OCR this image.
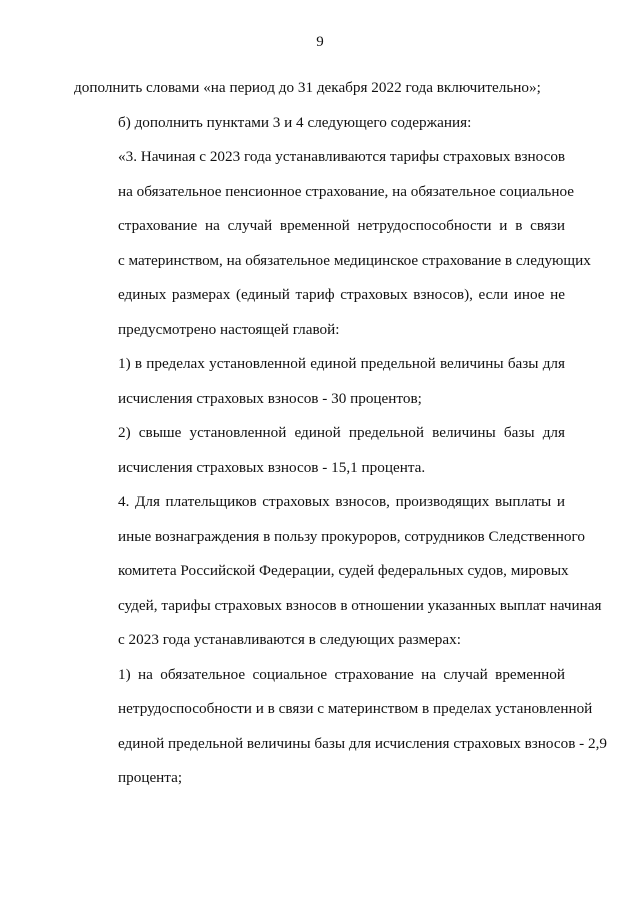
9
дополнить словами «на период до 31 декабря 2022 года включительно»;
б) дополнить пунктами 3 и 4 следующего содержания:
«3. Начиная с 2023 года устанавливаются тарифы страховых взносов
на обязательное пенсионное страхование, на обязательное социальное
страхование на случай временной нетрудоспособности и в связи
с материнством, на обязательное медицинское страхование в следующих
единых размерах (единый тариф страховых взносов), если иное не
предусмотрено настоящей главой:
1) в пределах установленной единой предельной величины базы для
исчисления страховых взносов - 30 процентов;
2) свыше установленной единой предельной величины базы для
исчисления страховых взносов - 15,1 процента.
4. Для плательщиков страховых взносов, производящих выплаты и
иные вознаграждения в пользу прокуроров, сотрудников Следственного
комитета Российской Федерации, судей федеральных судов, мировых
судей, тарифы страховых взносов в отношении указанных выплат начиная
с 2023 года устанавливаются в следующих размерах:
1) на обязательное социальное страхование на случай временной
нетрудоспособности и в связи с материнством в пределах установленной
единой предельной величины базы для исчисления страховых взносов - 2,9
процента;
